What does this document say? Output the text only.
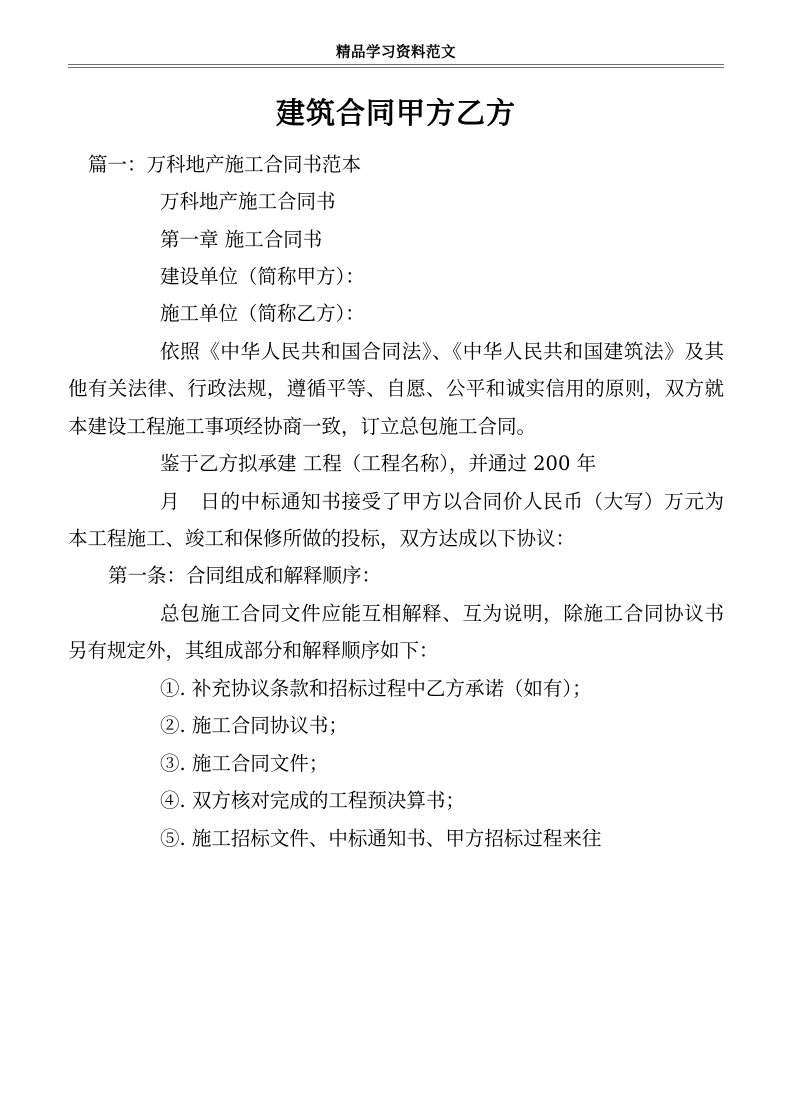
精品学习资料范文
建筑合同甲方乙方

篇一：万科地产施工合同书范本

万科地产施工合同书

第一章 施工合同书

建设单位（简称甲方）：

施工单位（简称乙方）：

依照《中华人民共和国合同法》、《中华人民共和国建筑法》及其他有关法律、行政法规，遵循平等、自愿、公平和诚实信用的原则，双方就本建设工程施工事项经协商一致，订立总包施工合同。

鉴于乙方拟承建 工程（工程名称），并通过 200 年

月　日的中标通知书接受了甲方以合同价人民币（大写）万元为本工程施工、竣工和保修所做的投标，双方达成以下协议：

第一条：合同组成和解释顺序：

总包施工合同文件应能互相解释、互为说明，除施工合同协议书另有规定外，其组成部分和解释顺序如下：

①. 补充协议条款和招标过程中乙方承诺（如有）；

②. 施工合同协议书；

③. 施工合同文件；

④. 双方核对完成的工程预决算书；

⑤. 施工招标文件、中标通知书、甲方招标过程来往
